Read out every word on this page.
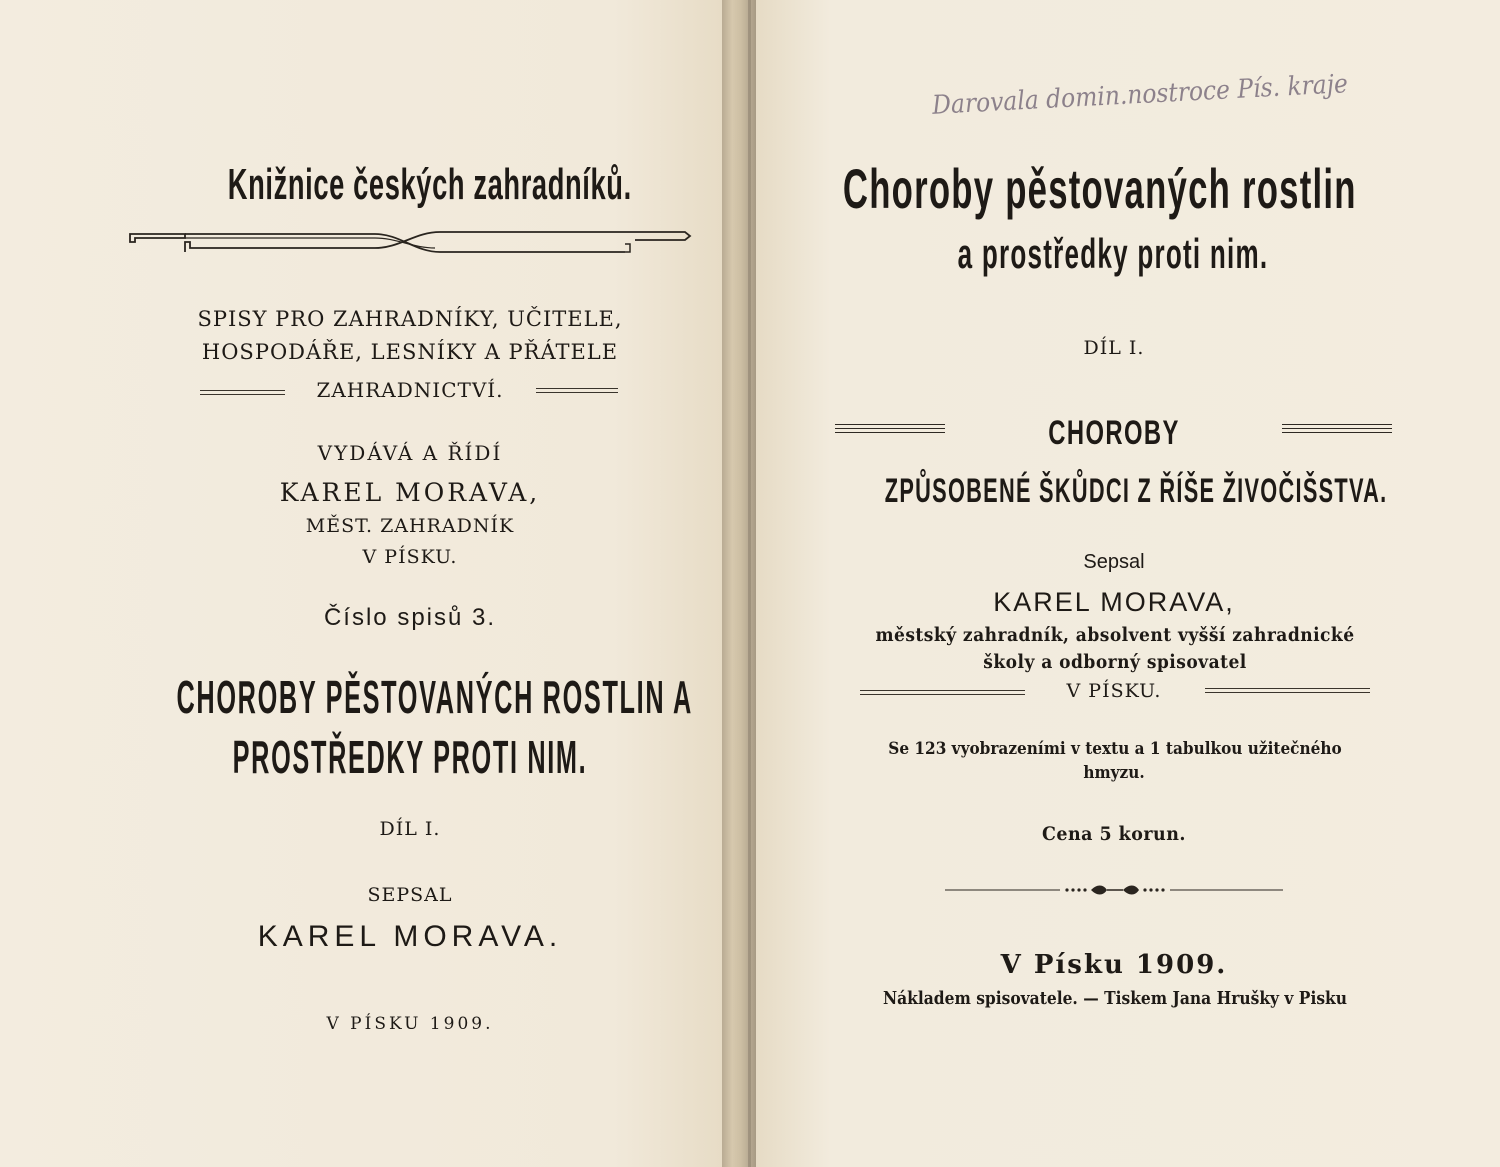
Knižnice českých zahradníků.
SPISY PRO ZAHRADNÍKY, UČITELE,
HOSPODÁŘE, LESNÍKY A PŘÁTELE
ZAHRADNICTVÍ.
VYDÁVÁ A ŘÍDÍ
KAREL MORAVA,
MĚST. ZAHRADNÍK
V PÍSKU.
Číslo spisů 3.
CHOROBY PĚSTOVANÝCH ROSTLIN A
PROSTŘEDKY PROTI NIM.
DÍL I.
SEPSAL
KAREL MORAVA.
V PÍSKU 1909.
Darovala domin.nostroce Pís. kraje
Choroby pěstovaných rostlin
a prostředky proti nim.
DÍL I.
CHOROBY
ZPŮSOBENÉ ŠKŮDCI Z ŘÍŠE ŽIVOČIŠSTVA.
Sepsal
KAREL MORAVA,
městský zahradník, absolvent vyšší zahradnické
školy a odborný spisovatel
V PÍSKU.
Se 123 vyobrazeními v textu a 1 tabulkou užitečného
hmyzu.
Cena 5 korun.
V Písku 1909.
Nákladem spisovatele. — Tiskem Jana Hrušky v Pisku
